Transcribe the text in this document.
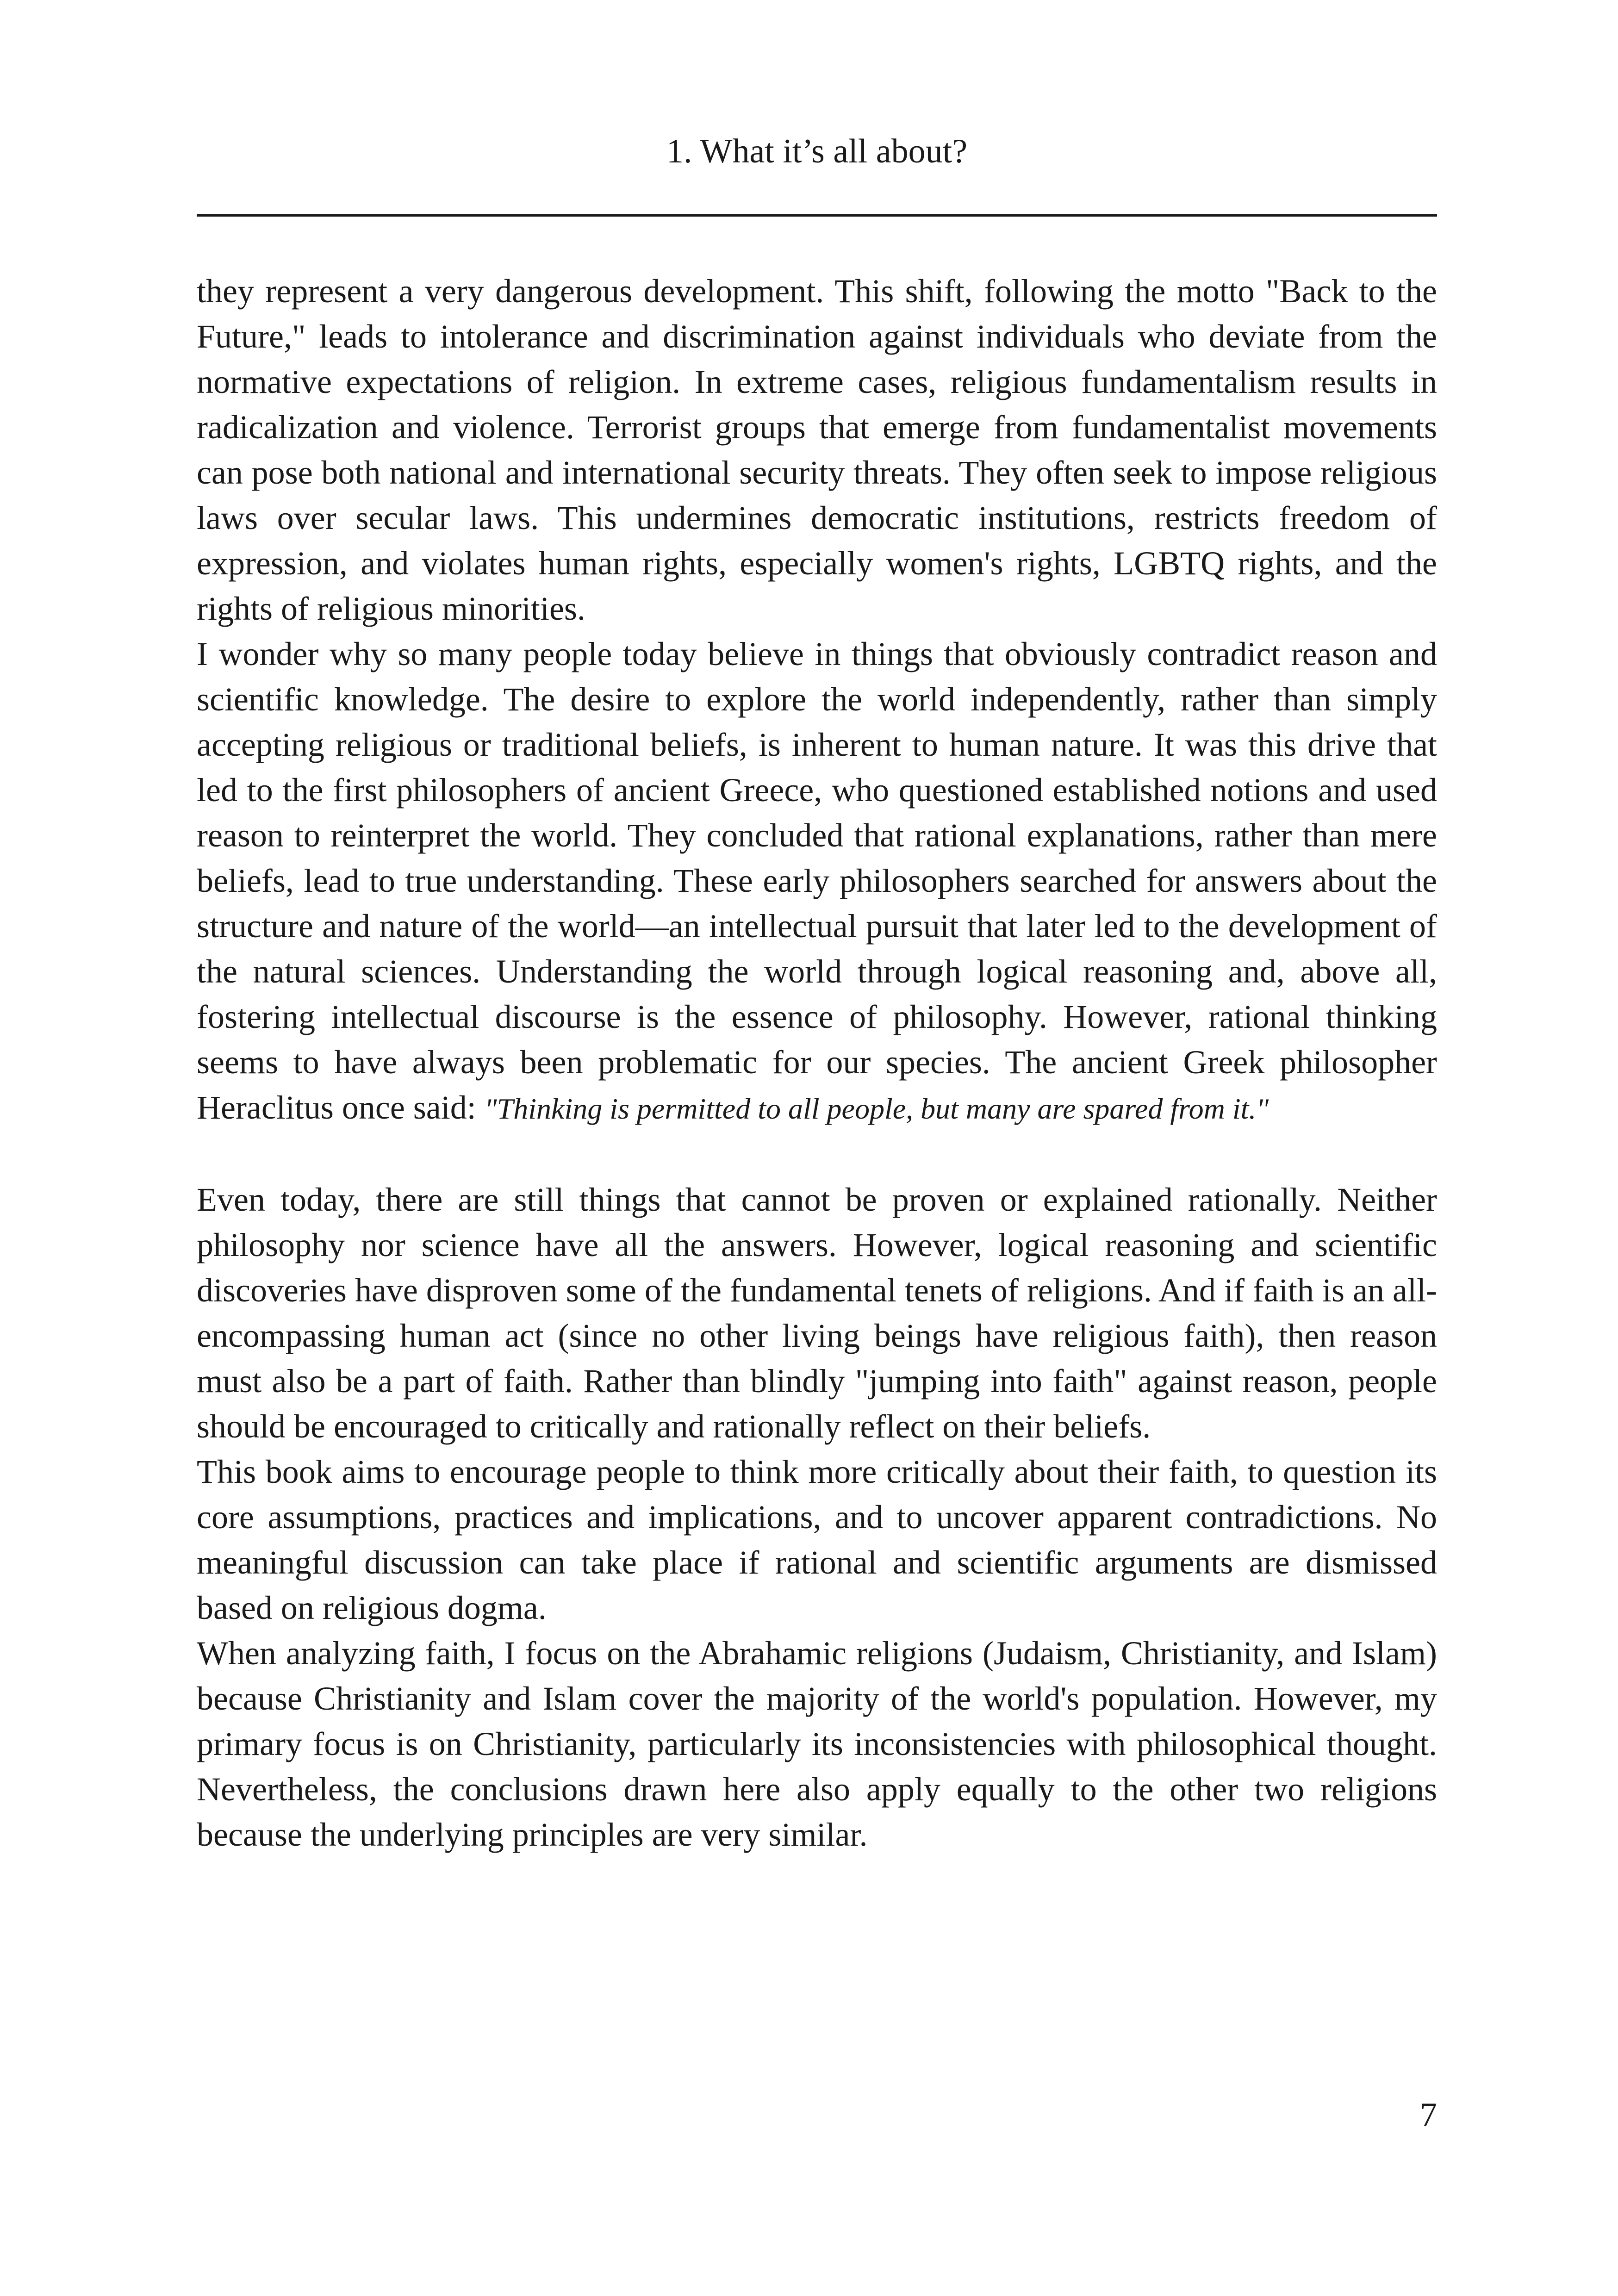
1. What it’s all about?

they represent a very dangerous development. This shift, following the motto "Back to the Future," leads to intolerance and discrimination against individuals who deviate from the normative expectations of religion. In extreme cases, religious fundamentalism results in radicalization and violence. Terrorist groups that emerge from fundamentalist movements can pose both national and international security threats. They often seek to impose religious laws over secular laws. This undermines democratic institutions, restricts freedom of expression, and violates human rights, especially women's rights, LGBTQ rights, and the rights of religious minorities.

I wonder why so many people today believe in things that obviously contradict reason and scientific knowledge. The desire to explore the world independently, rather than simply accepting religious or traditional beliefs, is inherent to human nature. It was this drive that led to the first philosophers of ancient Greece, who questioned established notions and used reason to reinterpret the world. They concluded that rational explanations, rather than mere beliefs, lead to true understanding. These early philosophers searched for answers about the structure and nature of the world—an intellectual pursuit that later led to the development of the natural sciences. Understanding the world through logical reasoning and, above all, fostering intellectual discourse is the essence of philosophy. However, rational thinking seems to have always been problematic for our species. The ancient Greek philosopher Heraclitus once said: "Thinking is permitted to all people, but many are spared from it."

Even today, there are still things that cannot be proven or explained rationally. Neither philosophy nor science have all the answers. However, logical reasoning and scientific discoveries have disproven some of the fundamental tenets of religions. And if faith is an all-encompassing human act (since no other living beings have religious faith), then reason must also be a part of faith. Rather than blindly "jumping into faith" against reason, people should be encouraged to critically and rationally reflect on their beliefs.

This book aims to encourage people to think more critically about their faith, to question its core assumptions, practices and implications, and to uncover apparent contradictions. No meaningful discussion can take place if rational and scientific arguments are dismissed based on religious dogma.

When analyzing faith, I focus on the Abrahamic religions (Judaism, Christianity, and Islam) because Christianity and Islam cover the majority of the world's population. However, my primary focus is on Christianity, particularly its inconsistencies with philosophical thought. Nevertheless, the conclusions drawn here also apply equally to the other two religions because the underlying principles are very similar.

7
